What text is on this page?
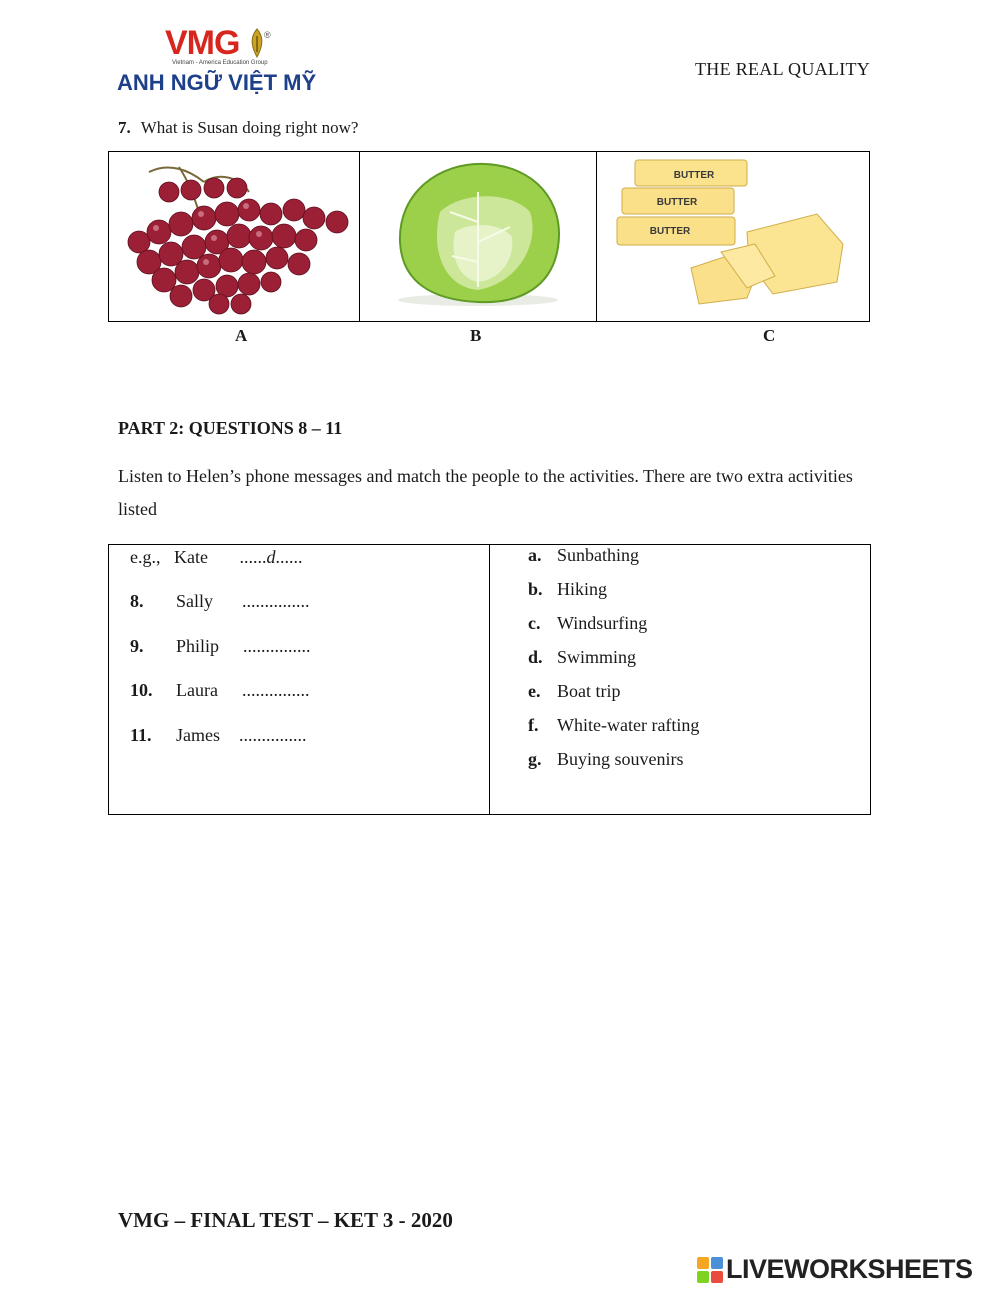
VMG	®
Vietnam - America Education Group
ANH NGỮ VIỆT MỸ
THE REAL QUALITY
7. What is Susan doing right now?
BUTTER
BUTTER
BUTTER
A	B	C
PART 2: QUESTIONS 8 – 11
Listen to Helen’s phone messages and match the people to the activities. There are two extra activities listed
e.g., Kate ......d......
8. Sally ...............
9. Philip ...............
10. Laura ...............
11. James ...............
a. Sunbathing
b. Hiking
c. Windsurfing
d. Swimming
e. Boat trip
f. White-water rafting
g. Buying souvenirs
VMG – FINAL TEST – KET 3 - 2020
LIVEWORKSHEETS
